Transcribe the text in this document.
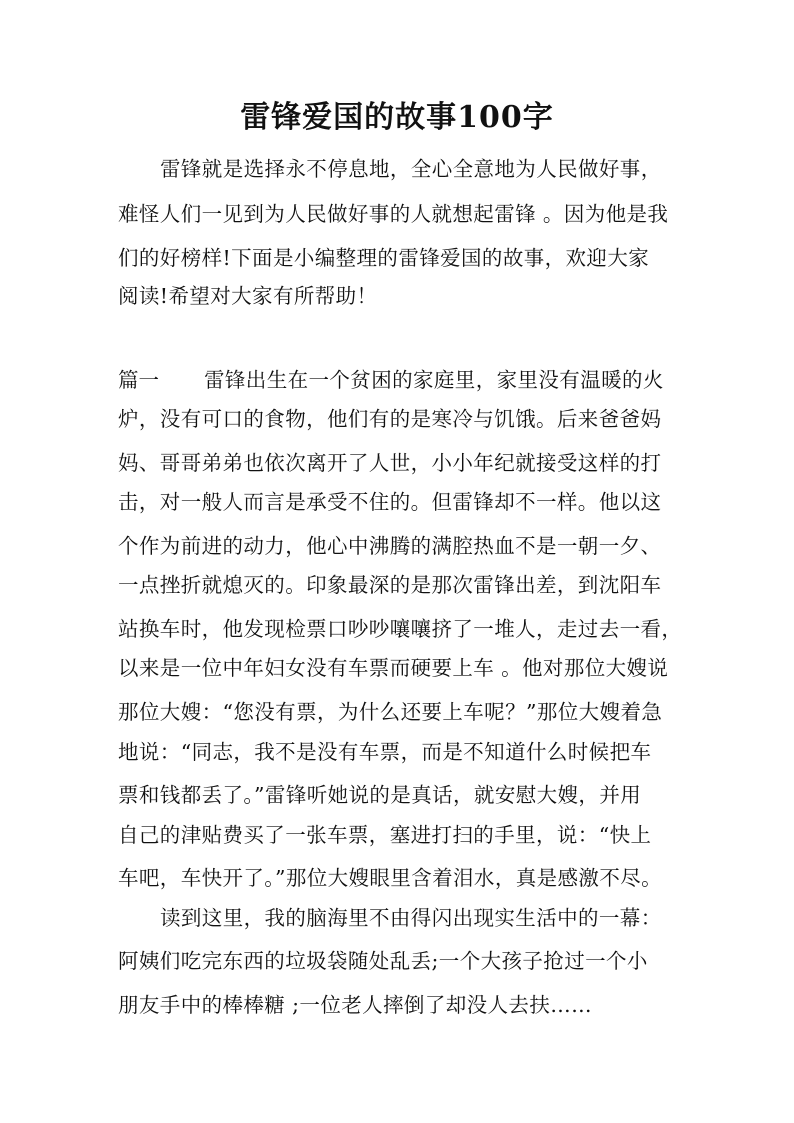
雷锋爱国的故事100字
雷锋就是选择永不停息地，全心全意地为人民做好事，
难怪人们一见到为人民做好事的人就想起雷锋 。因为他是我
们的好榜样!下面是小编整理的雷锋爱国的故事，欢迎大家
阅读!希望对大家有所帮助！
篇一 雷锋出生在一个贫困的家庭里，家里没有温暖的火
炉，没有可口的食物，他们有的是寒冷与饥饿。后来爸爸妈
妈、哥哥弟弟也依次离开了人世，小小年纪就接受这样的打
击，对一般人而言是承受不住的。但雷锋却不一样。他以这
个作为前进的动力，他心中沸腾的满腔热血不是一朝一夕、
一点挫折就熄灭的。印象最深的是那次雷锋出差，到沈阳车
站换车时，他发现检票口吵吵嚷嚷挤了一堆人，走过去一看，
以来是一位中年妇女没有车票而硬要上车 。他对那位大嫂说
那位大嫂：“您没有票，为什么还要上车呢？”那位大嫂着急
地说：“同志，我不是没有车票，而是不知道什么时候把车
票和钱都丢了。”雷锋听她说的是真话，就安慰大嫂，并用
自己的津贴费买了一张车票，塞进打扫的手里，说：“快上
车吧，车快开了。”那位大嫂眼里含着泪水，真是感激不尽。
读到这里，我的脑海里不由得闪出现实生活中的一幕：
阿姨们吃完东西的垃圾袋随处乱丢;一个大孩子抢过一个小
朋友手中的棒棒糖 ;一位老人摔倒了却没人去扶……
